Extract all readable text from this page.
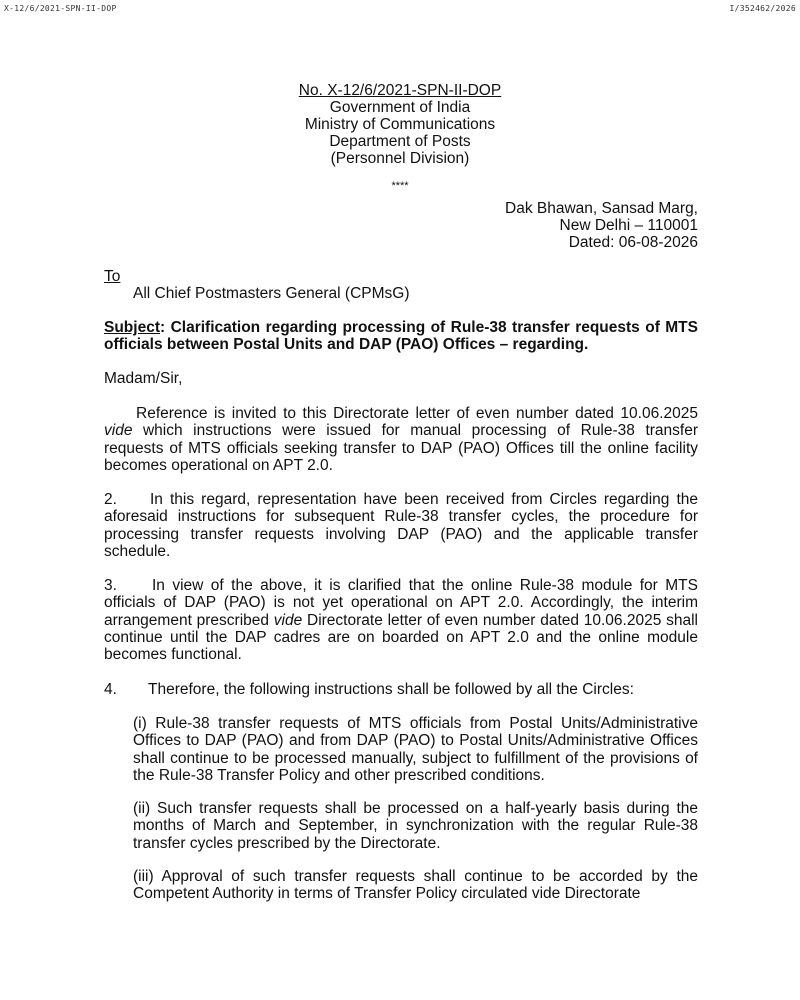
X-12/6/2021-SPN-II-DOP	I/352462/2026
No. X-12/6/2021-SPN-II-DOP
Government of India
Ministry of Communications
Department of Posts
(Personnel Division)
****
Dak Bhawan, Sansad Marg,
New Delhi – 110001
Dated: 06-08-2026
To
All Chief Postmasters General (CPMsG)
Subject: Clarification regarding processing of Rule-38 transfer requests of MTS officials between Postal Units and DAP (PAO) Offices – regarding.
Madam/Sir,
Reference is invited to this Directorate letter of even number dated 10.06.2025 vide which instructions were issued for manual processing of Rule-38 transfer requests of MTS officials seeking transfer to DAP (PAO) Offices till the online facility becomes operational on APT 2.0.
2. In this regard, representation have been received from Circles regarding the aforesaid instructions for subsequent Rule-38 transfer cycles, the procedure for processing transfer requests involving DAP (PAO) and the applicable transfer schedule.
3. In view of the above, it is clarified that the online Rule-38 module for MTS officials of DAP (PAO) is not yet operational on APT 2.0. Accordingly, the interim arrangement prescribed vide Directorate letter of even number dated 10.06.2025 shall continue until the DAP cadres are on boarded on APT 2.0 and the online module becomes functional.
4. Therefore, the following instructions shall be followed by all the Circles:
(i) Rule-38 transfer requests of MTS officials from Postal Units/Administrative Offices to DAP (PAO) and from DAP (PAO) to Postal Units/Administrative Offices shall continue to be processed manually, subject to fulfillment of the provisions of the Rule-38 Transfer Policy and other prescribed conditions.
(ii) Such transfer requests shall be processed on a half-yearly basis during the months of March and September, in synchronization with the regular Rule-38 transfer cycles prescribed by the Directorate.
(iii) Approval of such transfer requests shall continue to be accorded by the Competent Authority in terms of Transfer Policy circulated vide Directorate
